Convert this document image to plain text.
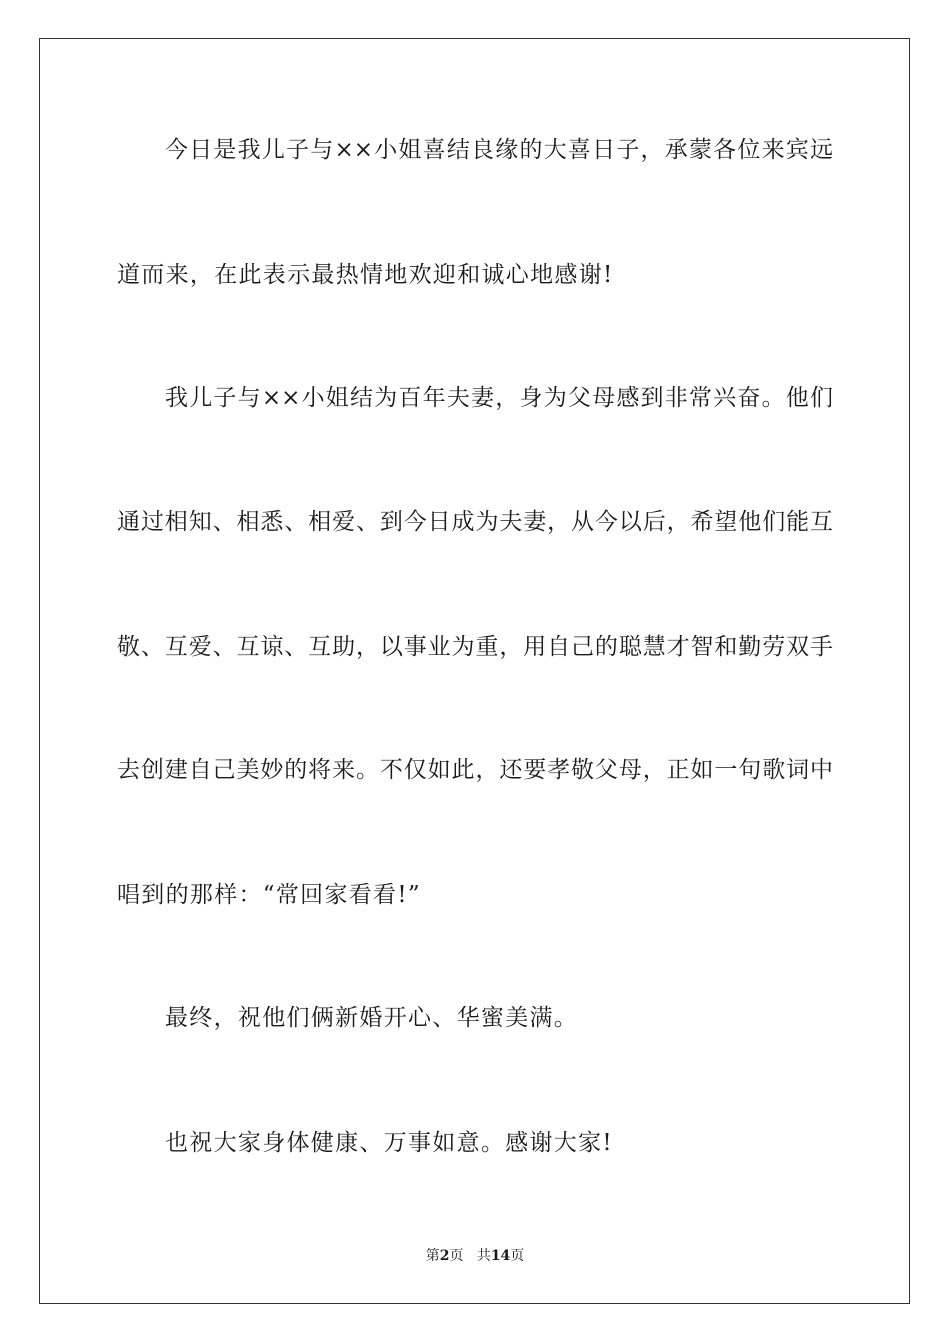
今日是我儿子与××小姐喜结良缘的大喜日子，承蒙各位来宾远
道而来，在此表示最热情地欢迎和诚心地感谢!
我儿子与××小姐结为百年夫妻，身为父母感到非常兴奋。他们
通过相知、相悉、相爱、到今日成为夫妻，从今以后，希望他们能互
敬、互爱、互谅、互助，以事业为重，用自己的聪慧才智和勤劳双手
去创建自己美妙的将来。不仅如此，还要孝敬父母，正如一句歌词中
唱到的那样：“常回家看看!”
最终，祝他们俩新婚开心、华蜜美满。
也祝大家身体健康、万事如意。感谢大家!
第2页 共14页
